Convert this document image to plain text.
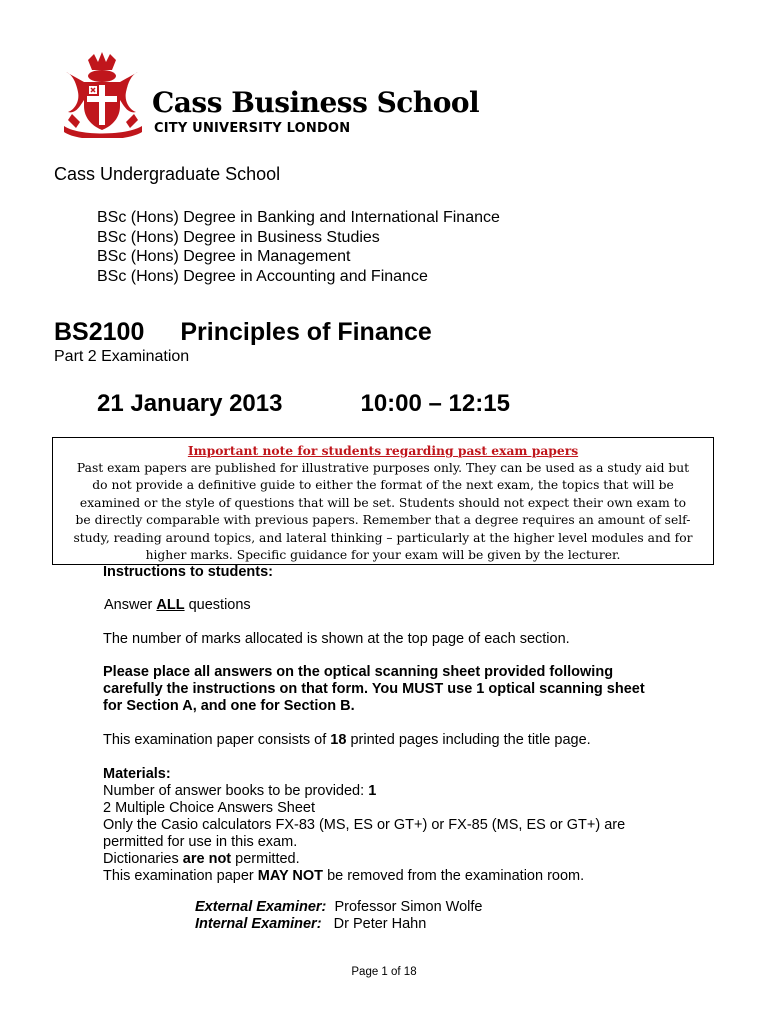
Cass Business School
CITY UNIVERSITY LONDON
Cass Undergraduate School
BSc (Hons) Degree in Banking and International Finance
BSc (Hons) Degree in Business Studies
BSc (Hons) Degree in Management
BSc (Hons) Degree in Accounting and Finance
BS2100 Principles of Finance
Part 2 Examination
21 January 2013	10:00 – 12:15
Important note for students regarding past exam papers
Past exam papers are published for illustrative purposes only. They can be used as a study aid but
do not provide a definitive guide to either the format of the next exam, the topics that will be
examined or the style of questions that will be set. Students should not expect their own exam to
be directly comparable with previous papers. Remember that a degree requires an amount of self-
study, reading around topics, and lateral thinking – particularly at the higher level modules and for
higher marks. Specific guidance for your exam will be given by the lecturer.
Instructions to students:
Answer ALL questions
The number of marks allocated is shown at the top page of each section.
Please place all answers on the optical scanning sheet provided following carefully the instructions on that form. You MUST use 1 optical scanning sheet for Section A, and one for Section B.
This examination paper consists of 18 printed pages including the title page.
Materials:
Number of answer books to be provided: 1
2 Multiple Choice Answers Sheet
Only the Casio calculators FX-83 (MS, ES or GT+) or FX-85 (MS, ES or GT+) are
permitted for use in this exam.
Dictionaries are not permitted.
This examination paper MAY NOT be removed from the examination room.
External Examiner: Professor Simon Wolfe
Internal Examiner: Dr Peter Hahn
Page 1 of 18
